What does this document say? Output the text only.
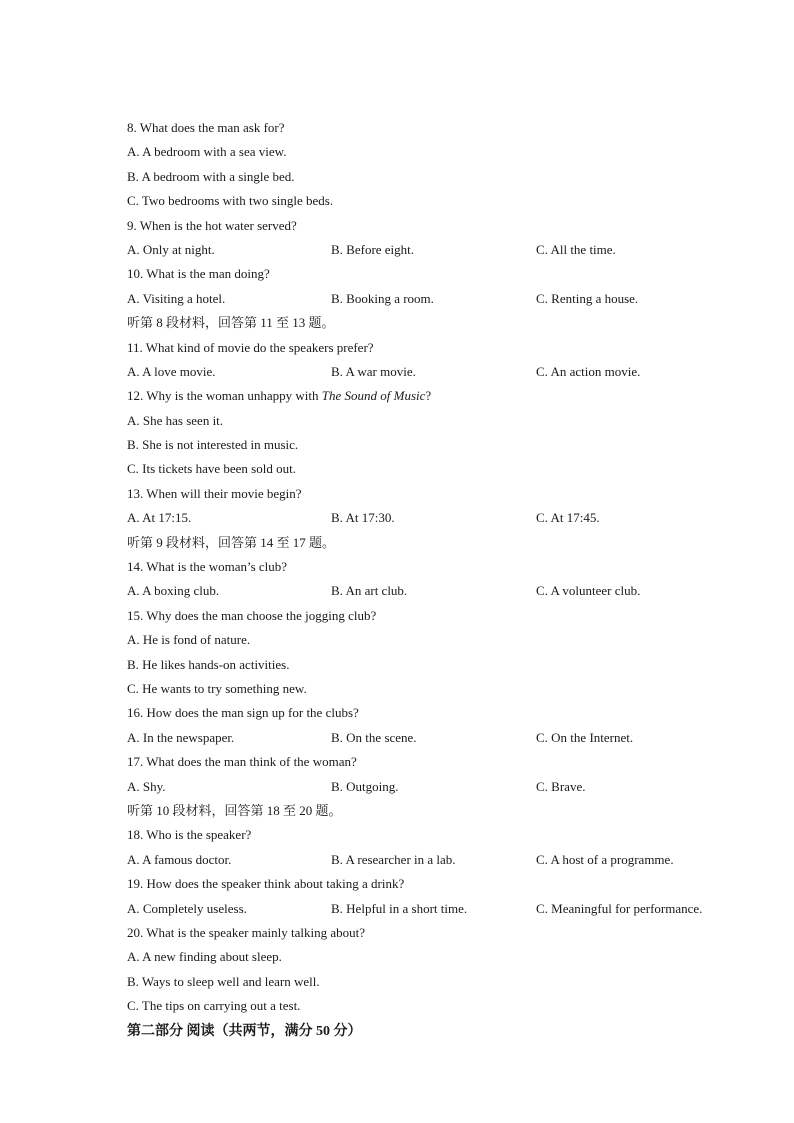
8. What does the man ask for?
A. A bedroom with a sea view.
B. A bedroom with a single bed.
C. Two bedrooms with two single beds.
9. When is the hot water served?
A. Only at night.	B. Before eight.	C. All the time.
10. What is the man doing?
A. Visiting a hotel.	B. Booking a room.	C. Renting a house.
听第 8 段材料，回答第 11 至 13 题。
11. What kind of movie do the speakers prefer?
A. A love movie.	B. A war movie.	C. An action movie.
12. Why is the woman unhappy with The Sound of Music?
A. She has seen it.
B. She is not interested in music.
C. Its tickets have been sold out.
13. When will their movie begin?
A. At 17:15.	B. At 17:30.	C. At 17:45.
听第 9 段材料，回答第 14 至 17 题。
14. What is the woman’s club?
A. A boxing club.	B. An art club.	C. A volunteer club.
15. Why does the man choose the jogging club?
A. He is fond of nature.
B. He likes hands-on activities.
C. He wants to try something new.
16. How does the man sign up for the clubs?
A. In the newspaper.	B. On the scene.	C. On the Internet.
17. What does the man think of the woman?
A. Shy.	B. Outgoing.	C. Brave.
听第 10 段材料，回答第 18 至 20 题。
18. Who is the speaker?
A. A famous doctor.	B. A researcher in a lab.	C. A host of a programme.
19. How does the speaker think about taking a drink?
A. Completely useless.	B. Helpful in a short time.	C. Meaningful for performance.
20. What is the speaker mainly talking about?
A. A new finding about sleep.
B. Ways to sleep well and learn well.
C. The tips on carrying out a test.
第二部分 阅读（共两节，满分 50 分）
